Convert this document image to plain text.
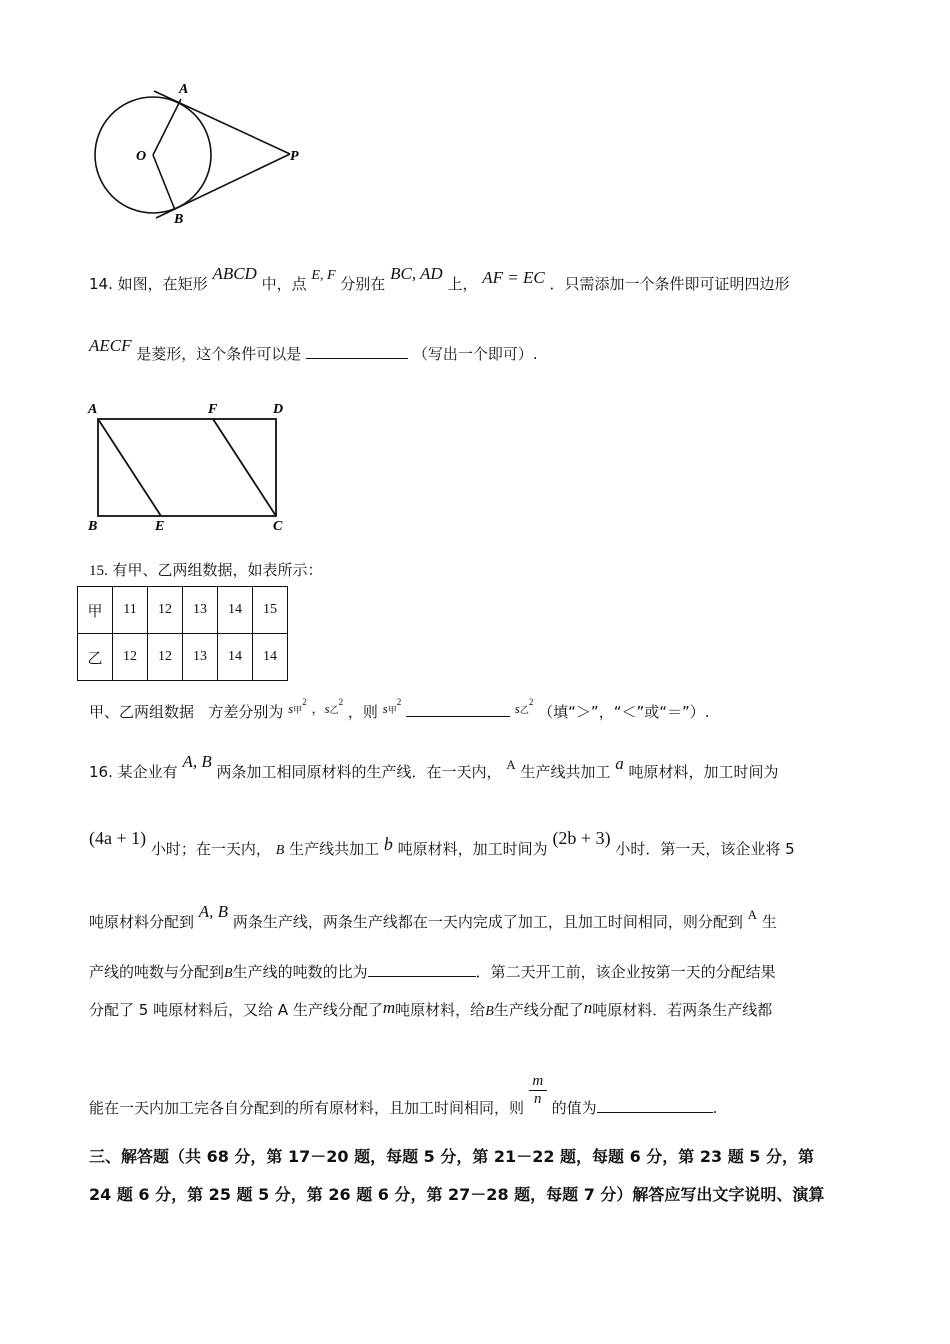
A
O	P
B
14. 如图，在矩形 ABCD 中，点 E, F 分别在 BC, AD 上， AF = EC ．只需添加一个条件即可证明四边形
AECF 是菱形，这个条件可以是	（写出一个即可）.
A	F	D
B	E	C
15. 有甲、乙两组数据，如表所示：
甲	11	12	13	14	15
乙	12	12	13	14	14
甲、乙两组数据 方差分别为 s甲$^2$ ，s乙$^2$ ，则 s甲$^2$	s乙$^2$ （填“＞”，“＜”或“＝”）.
16. 某企业有 A, B 两条加工相同原材料的生产线．在一天内， A 生产线共加工 a 吨原材料，加工时间为
(4a + 1) 小时；在一天内， B 生产线共加工 b 吨原材料，加工时间为 (2b + 3) 小时．第一天，该企业将 5
吨原材料分配到 A, B 两条生产线，两条生产线都在一天内完成了加工，且加工时间相同，则分配到 A 生
产线的吨数与分配到B生产线的吨数的比为	．第二天开工前，该企业按第一天的分配结果
分配了 5 吨原材料后，又给 A 生产线分配了m吨原材料，给B生产线分配了n吨原材料．若两条生产线都
能在一天内加工完各自分配到的所有原材料，且加工时间相同，则 $\frac{m}{n}$ 的值为	.
三、解答题（共 68 分，第 17－20 题，每题 5 分，第 21－22 题，每题 6 分，第 23 题 5 分，第
24 题 6 分，第 25 题 5 分，第 26 题 6 分，第 27－28 题，每题 7 分）解答应写出文字说明、演算
